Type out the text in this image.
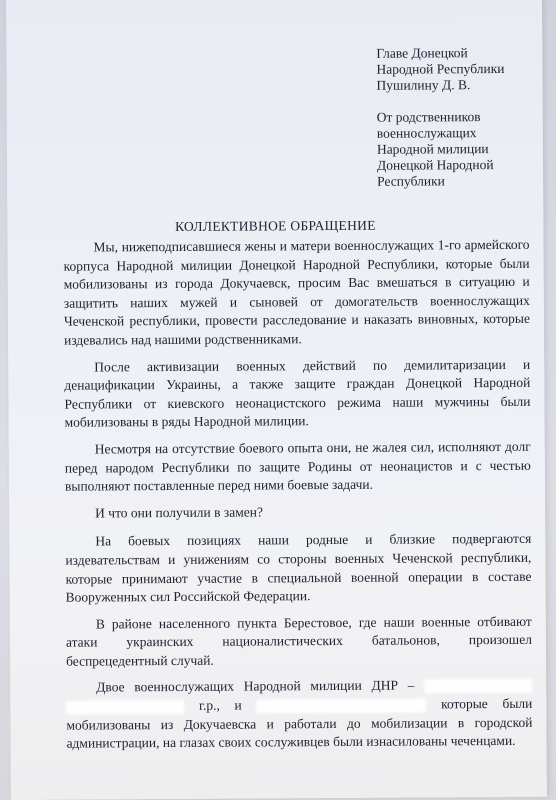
Главе Донецкой
Народной Республики
Пушилину Д. В.
От родственников
военнослужащих
Народной милиции
Донецкой Народной
Республики
КОЛЛЕКТИВНОЕ ОБРАЩЕНИЕ

Мы, нижеподписавшиеся жены и матери военнослужащих 1-го армейского корпуса Народной милиции Донецкой Народной Республики, которые были мобилизованы из города Докучаевск, просим Вас вмешаться в ситуацию и защитить наших мужей и сыновей от домогательств военнослужащих Чеченской республики, провести расследование и наказать виновных, которые издевались над нашими родственниками.

После активизации военных действий по демилитаризации и денацификации Украины, а также защите граждан Донецкой Народной Республики от киевского неонацистского режима наши мужчины были мобилизованы в ряды Народной милиции.

Несмотря на отсутствие боевого опыта они, не жалея сил, исполняют долг перед народом Республики по защите Родины от неонацистов и с честью выполняют поставленные перед ними боевые задачи.

И что они получили в замен?

На боевых позициях наши родные и близкие подвергаются издевательствам и унижениям со стороны военных Чеченской республики, которые принимают участие в специальной военной операции в составе Вооруженных сил Российской Федерации.

В районе населенного пункта Берестовое, где наши военные отбивают атаки украинских националистических батальонов, произошел беспрецедентный случай.

Двое военнослужащих Народной милиции ДНР –   г.р., и	которые были мобилизованы из Докучаевска и работали до мобилизации в городской администрации, на глазах своих сослуживцев были изнасилованы чеченцами.
